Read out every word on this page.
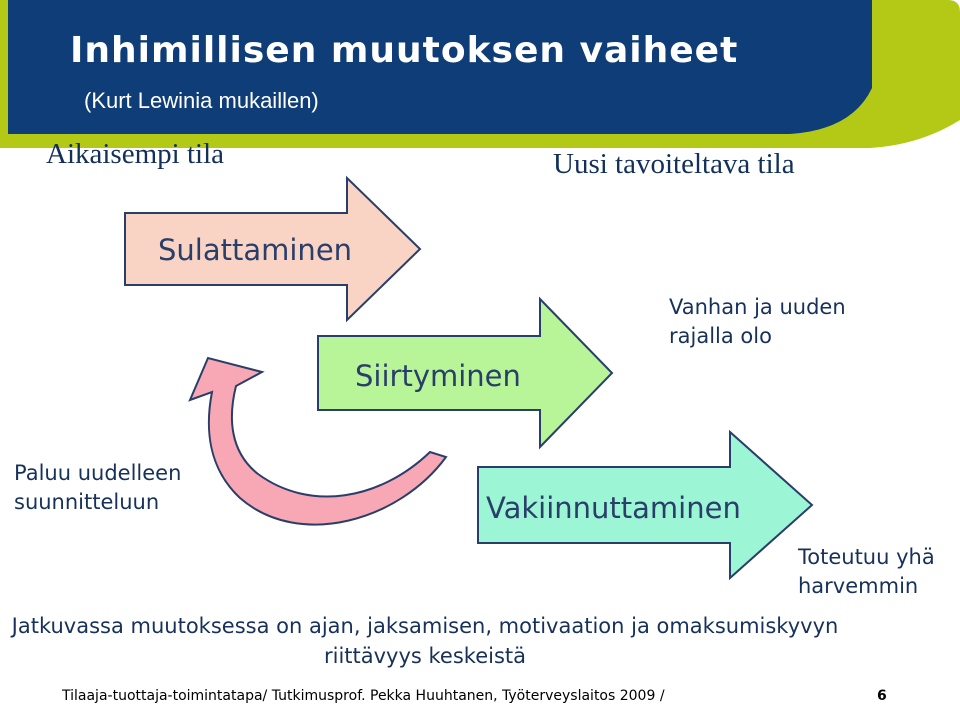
Inhimillisen muutoksen vaiheet
(Kurt Lewinia mukaillen)
Aikaisempi tila	Uusi tavoiteltava tila
Sulattaminen
Siirtyminen
Vakiinnuttaminen
Vanhan ja uuden
rajalla olo
Paluu uudelleen
suunnitteluun
Toteutuu yhä
harvemmin
Jatkuvassa muutoksessa on ajan, jaksamisen, motivaation ja omaksumiskyvyn riittävyys keskeistä
Tilaaja-tuottaja-toimintatapa/ Tutkimusprof. Pekka Huuhtanen, Työterveyslaitos 2009 /	6
